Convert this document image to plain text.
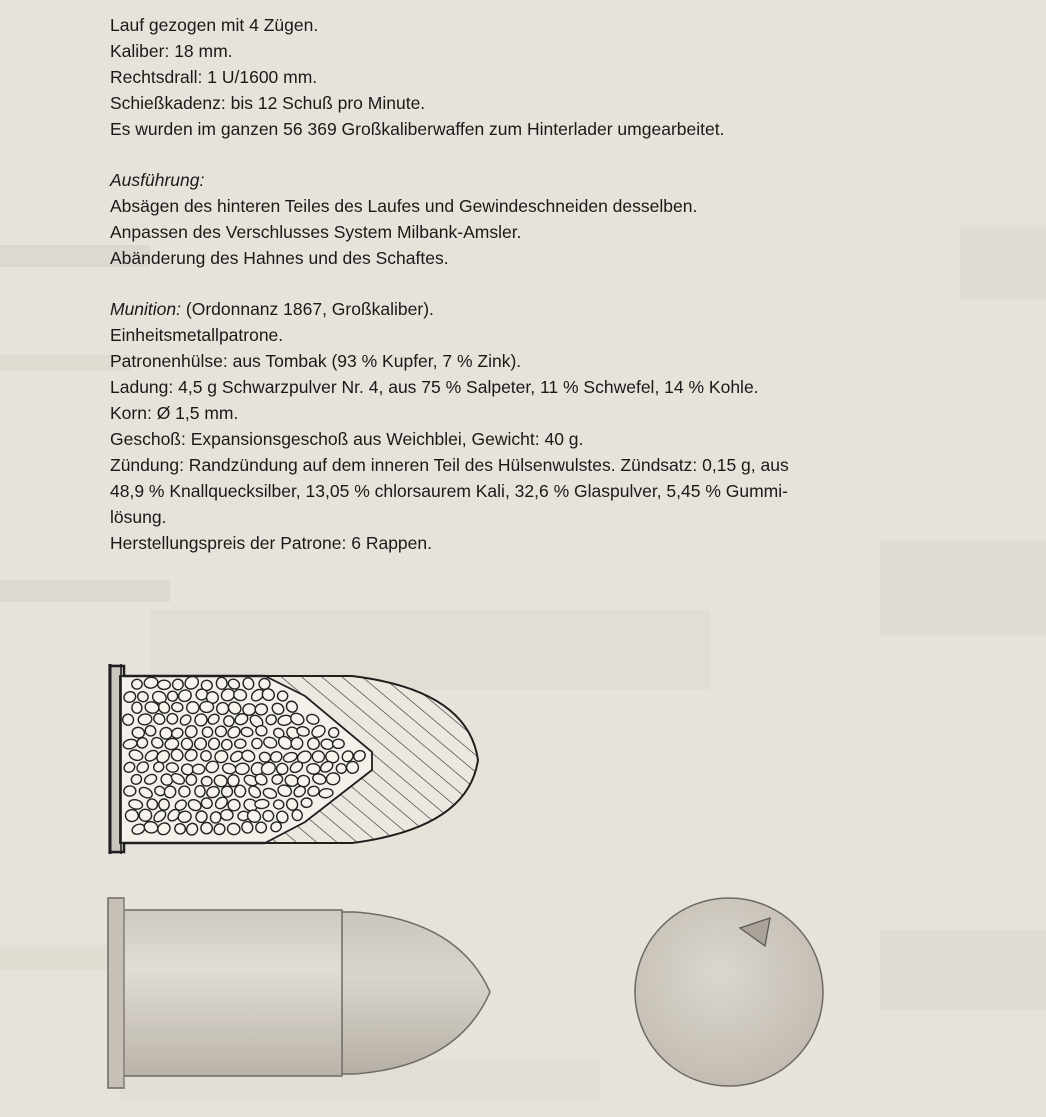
Lauf gezogen mit 4 Zügen.
Kaliber: 18 mm.
Rechtsdrall: 1 U/1600 mm.
Schießkadenz: bis 12 Schuß pro Minute.
Es wurden im ganzen 56 369 Großkaliberwaffen zum Hinterlader umgearbeitet.
Ausführung:
Absägen des hinteren Teiles des Laufes und Gewindeschneiden desselben.
Anpassen des Verschlusses System Milbank-Amsler.
Abänderung des Hahnes und des Schaftes.
Munition: (Ordonnanz 1867, Großkaliber).
Einheitsmetallpatrone.
Patronenhülse: aus Tombak (93 % Kupfer, 7 % Zink).
Ladung: 4,5 g Schwarzpulver Nr. 4, aus 75 % Salpeter, 11 % Schwefel, 14 % Kohle.
Korn: Ø 1,5 mm.
Geschoß: Expansionsgeschoß aus Weichblei, Gewicht: 40 g.
Zündung: Randzündung auf dem inneren Teil des Hülsenwulstes. Zündsatz: 0,15 g, aus
48,9 % Knallquecksilber, 13,05 % chlorsaurem Kali, 32,6 % Glaspulver, 5,45 % Gummi-
lösung.
Herstellungspreis der Patrone: 6 Rappen.
